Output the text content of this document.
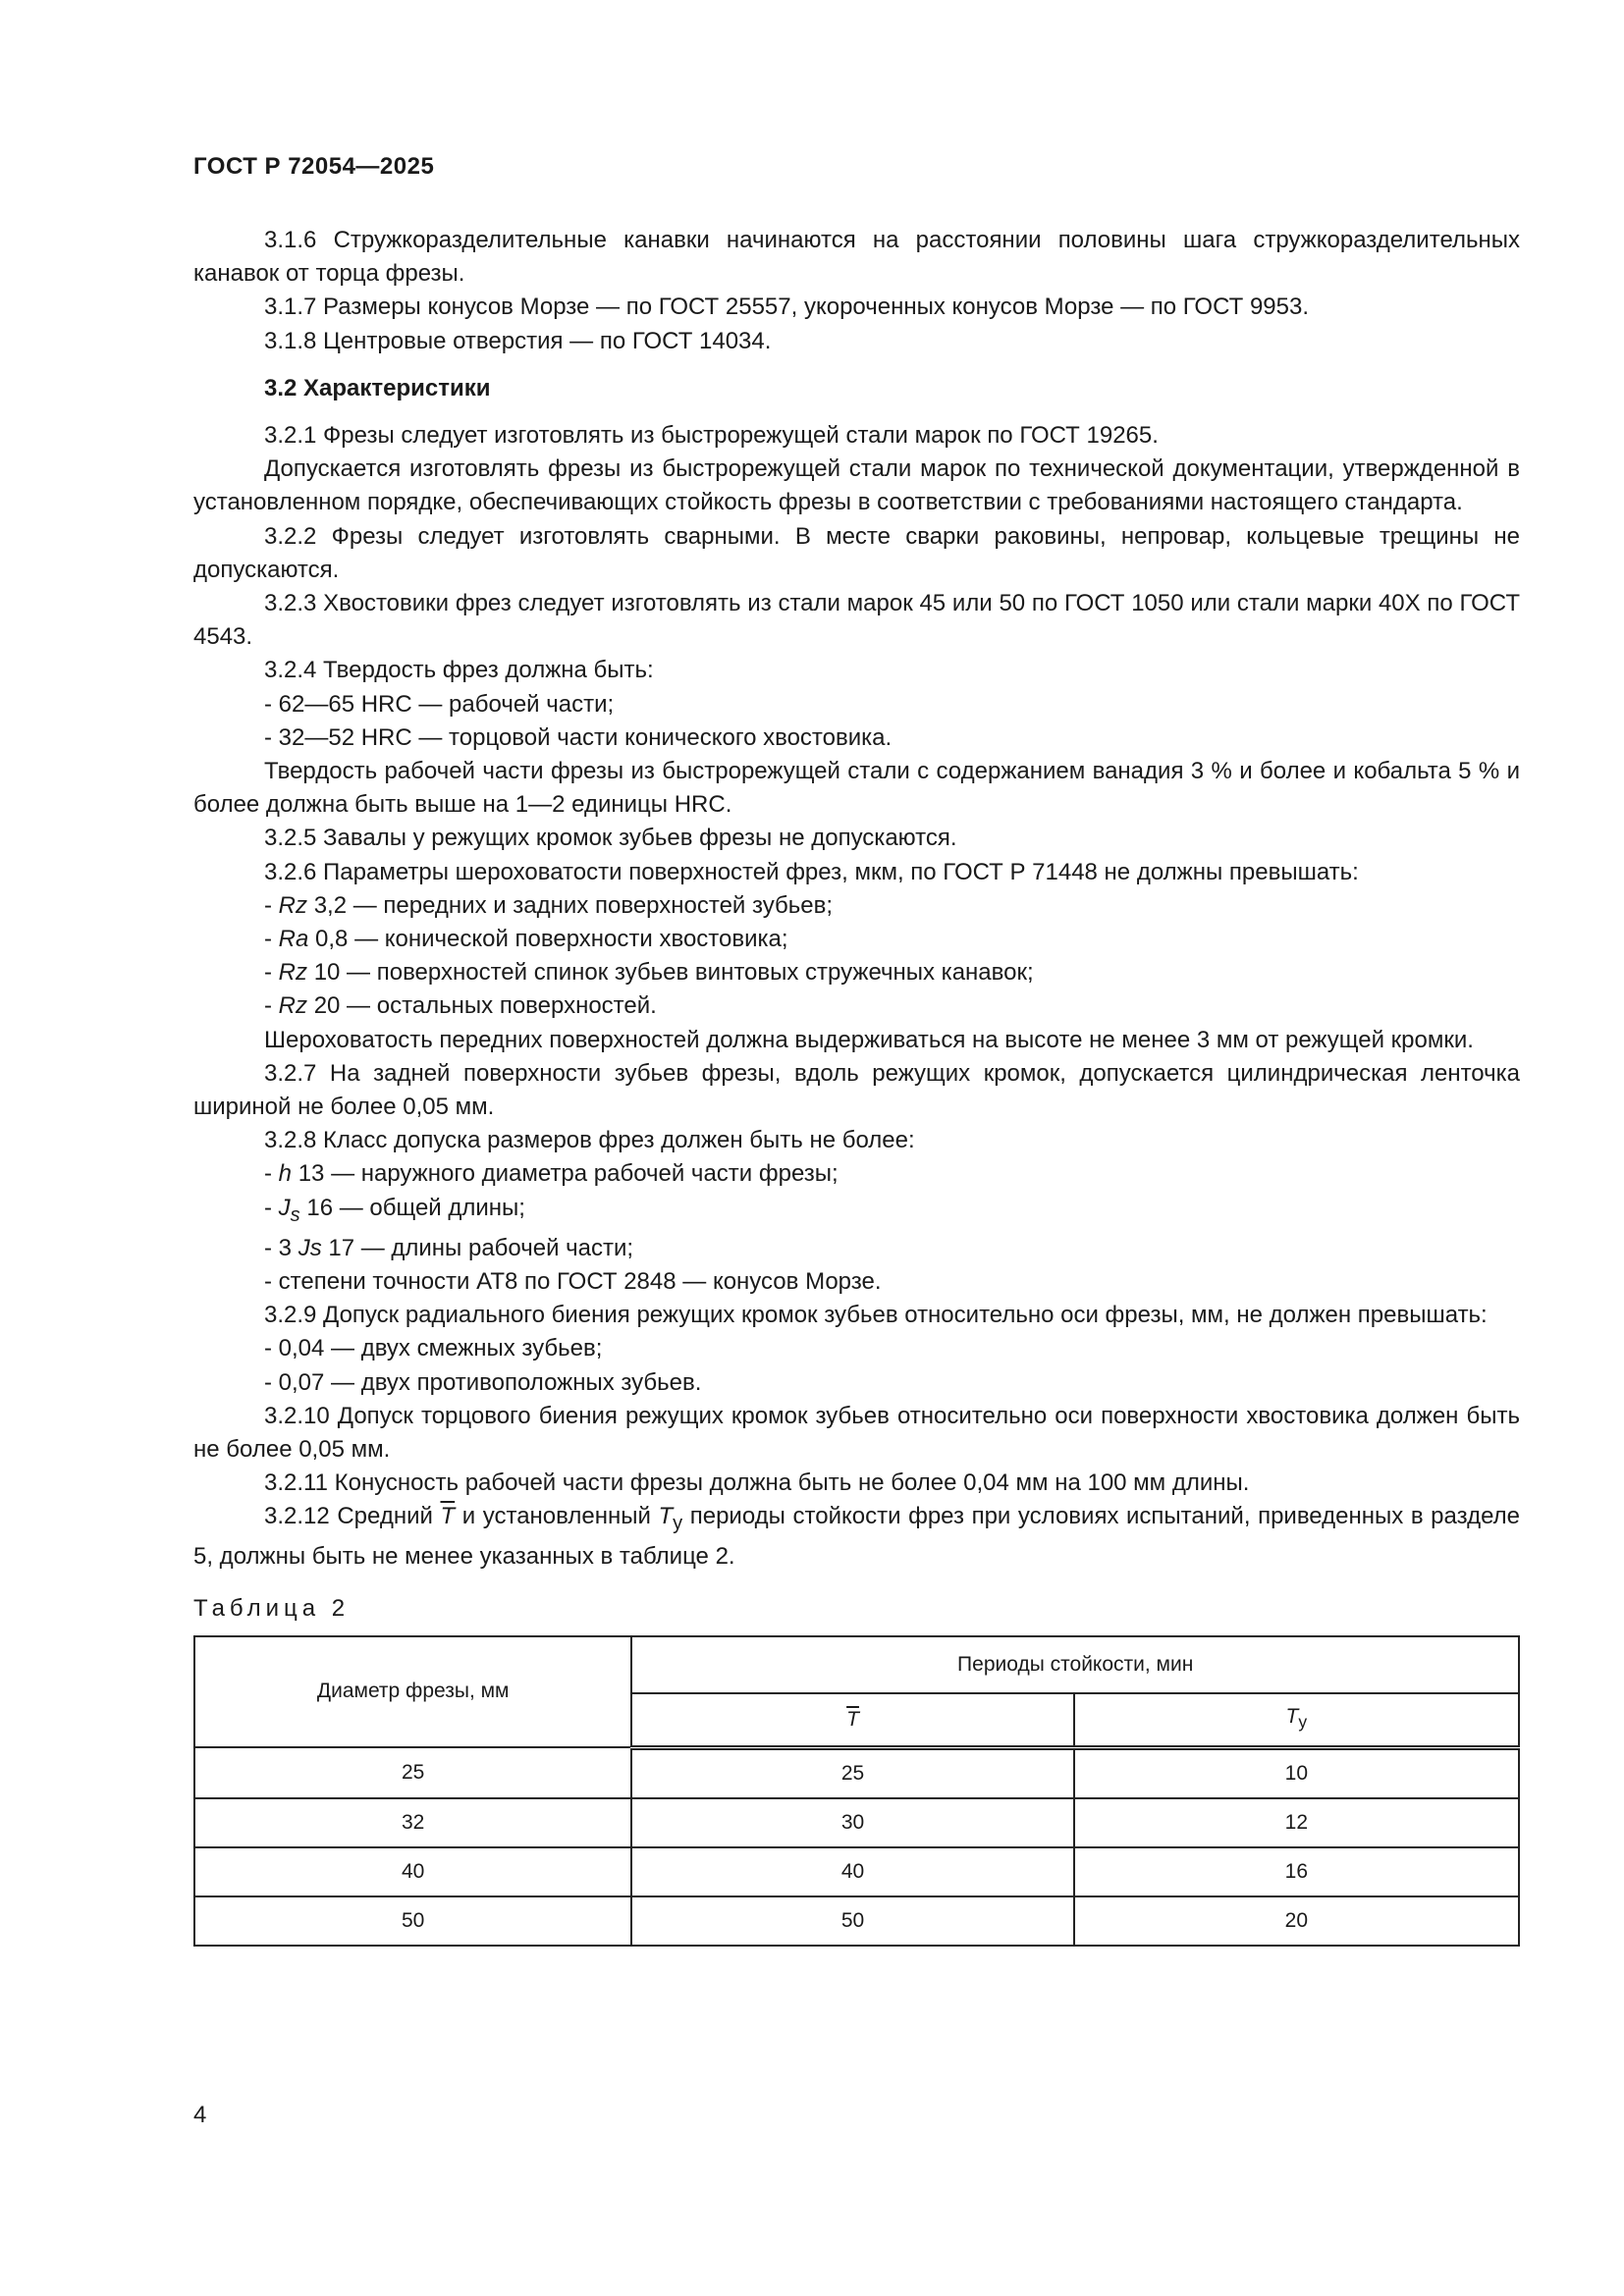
ГОСТ Р 72054—2025

3.1.6 Стружкоразделительные канавки начинаются на расстоянии половины шага стружкоразделительных канавок от торца фрезы.

3.1.7 Размеры конусов Морзе — по ГОСТ 25557, укороченных конусов Морзе — по ГОСТ 9953.

3.1.8 Центровые отверстия — по ГОСТ 14034.

3.2 Характеристики

3.2.1 Фрезы следует изготовлять из быстрорежущей стали марок по ГОСТ 19265.

Допускается изготовлять фрезы из быстрорежущей стали марок по технической документации, утвержденной в установленном порядке, обеспечивающих стойкость фрезы в соответствии с требованиями настоящего стандарта.

3.2.2 Фрезы следует изготовлять сварными. В месте сварки раковины, непровар, кольцевые трещины не допускаются.

3.2.3 Хвостовики фрез следует изготовлять из стали марок 45 или 50 по ГОСТ 1050 или стали марки 40Х по ГОСТ 4543.

3.2.4 Твердость фрез должна быть:

- 62—65 HRC — рабочей части;

- 32—52 HRC — торцовой части конического хвостовика.

Твердость рабочей части фрезы из быстрорежущей стали с содержанием ванадия 3 % и более и кобальта 5 % и более должна быть выше на 1—2 единицы HRC.

3.2.5 Завалы у режущих кромок зубьев фрезы не допускаются.

3.2.6 Параметры шероховатости поверхностей фрез, мкм, по ГОСТ Р 71448 не должны превышать:

- Rz 3,2 — передних и задних поверхностей зубьев;

- Ra 0,8 — конической поверхности хвостовика;

- Rz 10 — поверхностей спинок зубьев винтовых стружечных канавок;

- Rz 20 — остальных поверхностей.

Шероховатость передних поверхностей должна выдерживаться на высоте не менее 3 мм от режущей кромки.

3.2.7 На задней поверхности зубьев фрезы, вдоль режущих кромок, допускается цилиндрическая ленточка шириной не более 0,05 мм.

3.2.8 Класс допуска размеров фрез должен быть не более:

- h 13 — наружного диаметра рабочей части фрезы;

- $J_s$ 16 — общей длины;

- 3 Js 17 — длины рабочей части;

- степени точности AT8 по ГОСТ 2848 — конусов Морзе.

3.2.9 Допуск радиального биения режущих кромок зубьев относительно оси фрезы, мм, не должен превышать:

- 0,04 — двух смежных зубьев;

- 0,07 — двух противоположных зубьев.

3.2.10 Допуск торцового биения режущих кромок зубьев относительно оси поверхности хвостовика должен быть не более 0,05 мм.

3.2.11 Конусность рабочей части фрезы должна быть не более 0,04 мм на 100 мм длины.

3.2.12 Средний $\overline{T}$ и установленный $T_у$ периоды стойкости фрез при условиях испытаний, приведенных в разделе 5, должны быть не менее указанных в таблице 2.

Таблица 2

Диаметр фрезы, мм	Периоды стойкости, мин	
	$\overline{T}$	$T_у$
25	25	10
32	30	12
40	40	16
50	50	20
4
